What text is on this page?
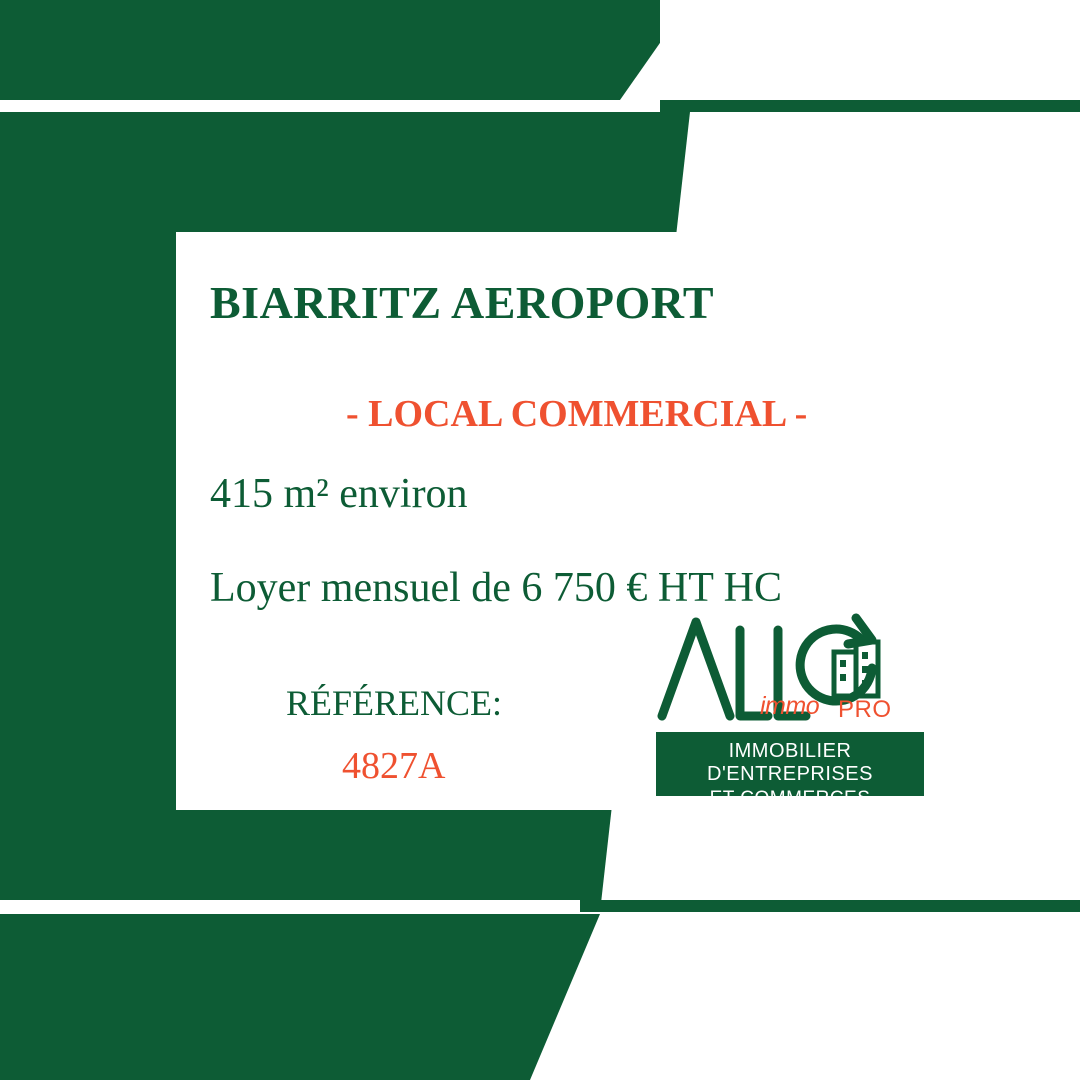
BIARRITZ AEROPORT
- LOCAL COMMERCIAL -
415 m² environ
Loyer mensuel de 6 750 € HT HC
RÉFÉRENCE:
4827A
immo PRO
IMMOBILIER D'ENTREPRISES
ET COMMERCES
